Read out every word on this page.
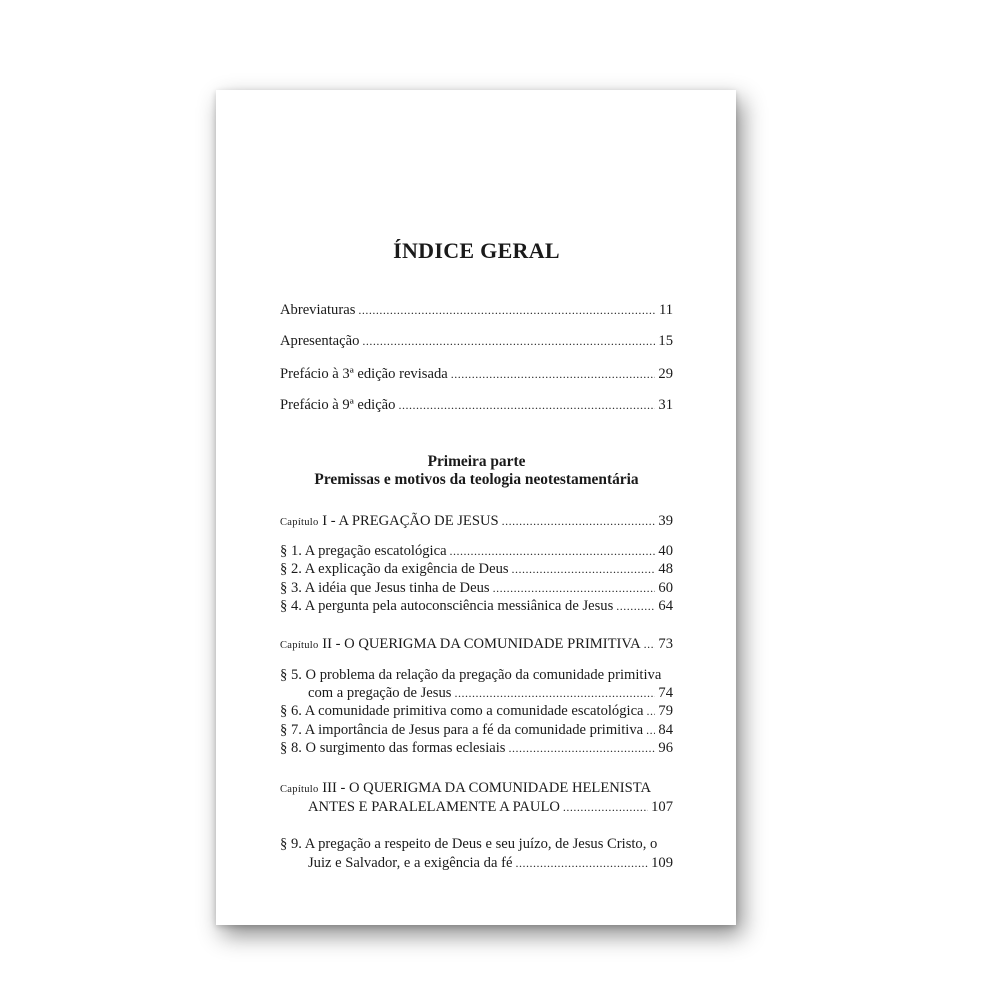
ÍNDICE GERAL
Abreviaturas .....	11
Apresentação .....	15
Prefácio à 3ª edição revisada .....	29
Prefácio à 9ª edição .....	31
Primeira parte
Premissas e motivos da teologia neotestamentária
Capítulo I - A PREGAÇÃO DE JESUS .....	39
§ 1. A pregação escatológica .....	40
§ 2. A explicação da exigência de Deus .....	48
§ 3. A idéia que Jesus tinha de Deus .....	60
§ 4. A pergunta pela autoconsciência messiânica de Jesus .....	64
Capítulo II - O QUERIGMA DA COMUNIDADE PRIMITIVA ..... 73
§ 5. O problema da relação da pregação da comunidade primitiva
com a pregação de Jesus .....	74
§ 6. A comunidade primitiva como a comunidade escatológica ..... 79
§ 7. A importância de Jesus para a fé da comunidade primitiva ..... 84
§ 8. O surgimento das formas eclesiais .....	96
Capítulo III - O QUERIGMA DA COMUNIDADE HELENISTA
ANTES E PARALELAMENTE A PAULO .....	107
§ 9. A pregação a respeito de Deus e seu juízo, de Jesus Cristo, o
Juiz e Salvador, e a exigência da fé .....	109
